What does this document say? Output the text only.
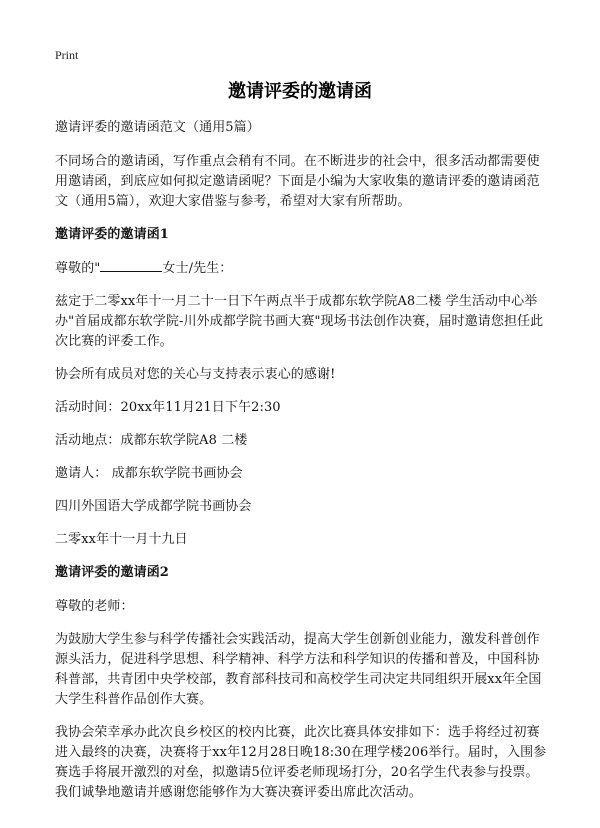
Print

邀请评委的邀请函

邀请评委的邀请函范文（通用5篇）

不同场合的邀请函，写作重点会稍有不同。在不断进步的社会中，很多活动都需要使用邀请函，到底应如何拟定邀请函呢？下面是小编为大家收集的邀请评委的邀请函范文（通用5篇），欢迎大家借鉴与参考，希望对大家有所帮助。

邀请评委的邀请函1

尊敬的"	女士/先生：

兹定于二零xx年十一月二十一日下午两点半于成都东软学院A8二楼 学生活动中心举办"首届成都东软学院-川外成都学院书画大赛"现场书法创作决赛，届时邀请您担任此次比赛的评委工作。

协会所有成员对您的关心与支持表示衷心的感谢!

活动时间：20xx年11月21日下午2:30

活动地点：成都东软学院A8 二楼

邀请人： 成都东软学院书画协会

四川外国语大学成都学院书画协会

二零xx年十一月十九日

邀请评委的邀请函2

尊敬的老师：

为鼓励大学生参与科学传播社会实践活动，提高大学生创新创业能力，激发科普创作源头活力，促进科学思想、科学精神、科学方法和科学知识的传播和普及，中国科协科普部，共青团中央学校部，教育部科技司和高校学生司决定共同组织开展xx年全国大学生科普作品创作大赛。

我协会荣幸承办此次良乡校区的校内比赛，此次比赛具体安排如下：选手将经过初赛进入最终的决赛，决赛将于xx年12月28日晚18:30在理学楼206举行。届时，入围参赛选手将展开激烈的对垒，拟邀请5位评委老师现场打分，20名学生代表参与投票。我们诚挚地邀请并感谢您能够作为大赛决赛评委出席此次活动。
